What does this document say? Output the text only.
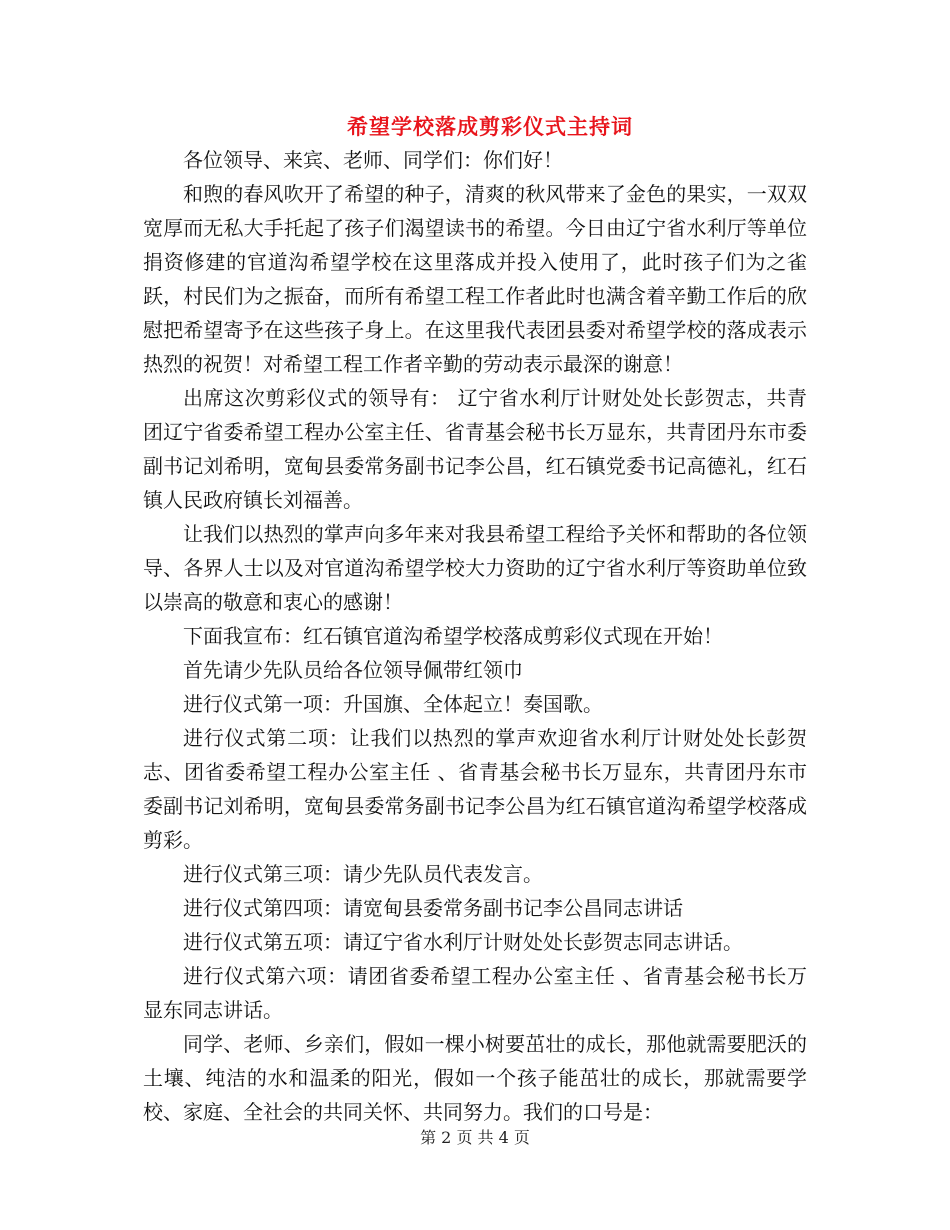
希望学校落成剪彩仪式主持词

各位领导、来宾、老师、同学们：你们好！

和煦的春风吹开了希望的种子，清爽的秋风带来了金色的果实，一双双宽厚而无私大手托起了孩子们渴望读书的希望。今日由辽宁省水利厅等单位捐资修建的官道沟希望学校在这里落成并投入使用了，此时孩子们为之雀跃，村民们为之振奋，而所有希望工程工作者此时也满含着辛勤工作后的欣慰把希望寄予在这些孩子身上。在这里我代表团县委对希望学校的落成表示热烈的祝贺！对希望工程工作者辛勤的劳动表示最深的谢意！

出席这次剪彩仪式的领导有： 辽宁省水利厅计财处处长彭贺志，共青团辽宁省委希望工程办公室主任、省青基会秘书长万显东，共青团丹东市委副书记刘希明，宽甸县委常务副书记李公昌，红石镇党委书记高德礼，红石镇人民政府镇长刘福善。

让我们以热烈的掌声向多年来对我县希望工程给予关怀和帮助的各位领导、各界人士以及对官道沟希望学校大力资助的辽宁省水利厅等资助单位致以崇高的敬意和衷心的感谢！

下面我宣布：红石镇官道沟希望学校落成剪彩仪式现在开始！

首先请少先队员给各位领导佩带红领巾

进行仪式第一项：升国旗、全体起立！奏国歌。

进行仪式第二项：让我们以热烈的掌声欢迎省水利厅计财处处长彭贺志、团省委希望工程办公室主任 、省青基会秘书长万显东，共青团丹东市委副书记刘希明，宽甸县委常务副书记李公昌为红石镇官道沟希望学校落成剪彩。

进行仪式第三项：请少先队员代表发言。

进行仪式第四项：请宽甸县委常务副书记李公昌同志讲话

进行仪式第五项：请辽宁省水利厅计财处处长彭贺志同志讲话。

进行仪式第六项：请团省委希望工程办公室主任 、省青基会秘书长万显东同志讲话。

同学、老师、乡亲们，假如一棵小树要茁壮的成长，那他就需要肥沃的土壤、纯洁的水和温柔的阳光，假如一个孩子能茁壮的成长，那就需要学校、家庭、全社会的共同关怀、共同努力。我们的口号是：

第 2 页 共 4 页
